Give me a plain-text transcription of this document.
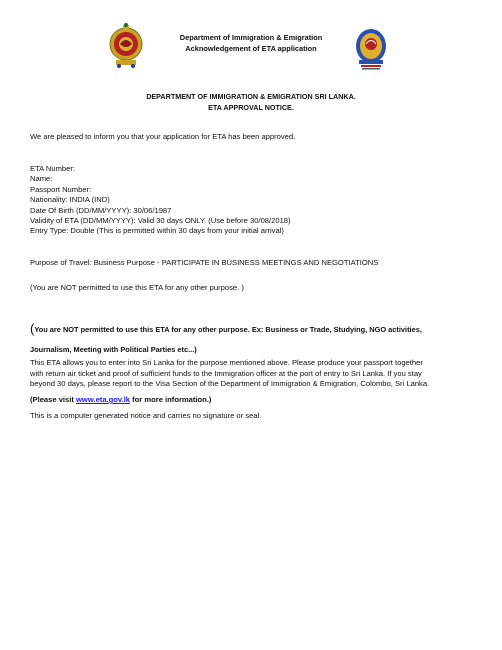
Department of Immigration & Emigration
Acknowledgement of ETA application
DEPARTMENT OF IMMIGRATION & EMIGRATION SRI LANKA.
ETA APPROVAL NOTICE.
We are pleased to inform you that your application for ETA has been approved.
ETA Number:
Name:
Passport Number:
Nationality: INDIA (IND)
Date Of Birth (DD/MM/YYYY): 30/06/1987
Validity of ETA (DD/MM/YYYY): Valid 30 days ONLY. (Use before 30/08/2018)
Entry Type: Double (This is permitted within 30 days from your initial arrival)
Purpose of Travel: Business Purpose - PARTICIPATE IN BUSINESS MEETINGS AND NEGOTIATIONS
(You are NOT permitted to use this ETA for any other purpose. )
(You are NOT permitted to use this ETA for any other purpose. Ex: Business or Trade, Studying, NGO activities,
Journalism, Meeting with Political Parties etc...)
This ETA allows you to enter into Sri Lanka for the purpose mentioned above. Please produce your passport together
with return air ticket and proof of sufficient funds to the Immigration officer at the port of entry to Sri Lanka. If you stay
beyond 30 days, please report to the Visa Section of the Department of Immigration & Emigration, Colombo, Sri Lanka.
(Please visit www.eta.gov.lk for more information.)
This is a computer generated notice and carries no signature or seal.
